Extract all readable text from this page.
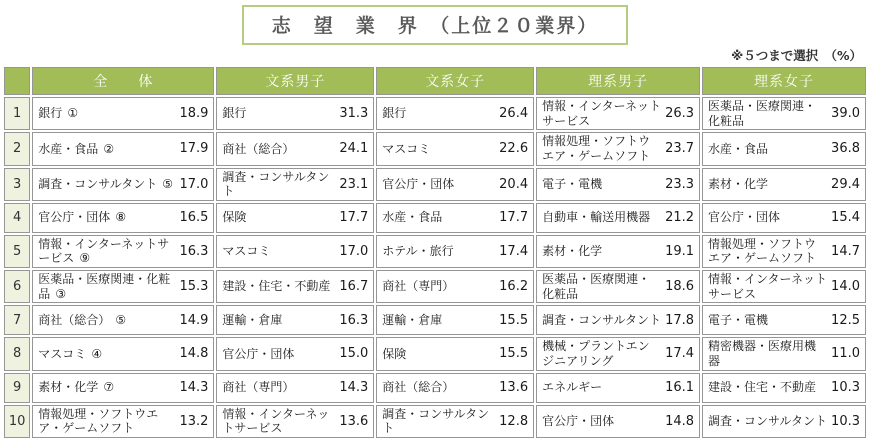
志　望　業　界　（上位２０業界）
※５つまで選択　（%）
	全　　体	文系男子	文系女子	理系男子	理系女子
1	銀行 ① 18.9	銀行 31.3	銀行 26.4	情報・インターネットサービス 26.3	医薬品・医療関連・化粧品 39.0

2	水産・食品 ② 17.9	商社（総合） 24.1	マスコミ 22.6	情報処理・ソフトウエア・ゲームソフト 23.7	水産・食品 36.8

3	調査・コンサルタント ⑤ 17.0	調査・コンサルタント 23.1	官公庁・団体 20.4	電子・電機 23.3	素材・化学 29.4

4	官公庁・団体 ⑧ 16.5	保険 17.7	水産・食品 17.7	自動車・輸送用機器 21.2	官公庁・団体 15.4

5	情報・インターネットサービス ⑨ 16.3	マスコミ 17.0	ホテル・旅行 17.4	素材・化学 19.1	情報処理・ソフトウエア・ゲームソフト 14.7

6	医薬品・医療関連・化粧品 ③ 15.3	建設・住宅・不動産 16.7	商社（専門） 16.2	医薬品・医療関連・化粧品 18.6	情報・インターネットサービス 14.0

7	商社（総合） ⑤ 14.9	運輸・倉庫 16.3	運輸・倉庫 15.5	調査・コンサルタント 17.8	電子・電機 12.5

8	マスコミ ④ 14.8	官公庁・団体 15.0	保険 15.5	機械・プラントエンジニアリング 17.4	精密機器・医療用機器 11.0

9	素材・化学 ⑦ 14.3	商社（専門） 14.3	商社（総合） 13.6	エネルギー 16.1	建設・住宅・不動産 10.3

10	情報処理・ソフトウエア・ゲームソフト 13.2	情報・インターネットサービス 13.6	調査・コンサルタント 12.8	官公庁・団体 14.8	調査・コンサルタント 10.3
